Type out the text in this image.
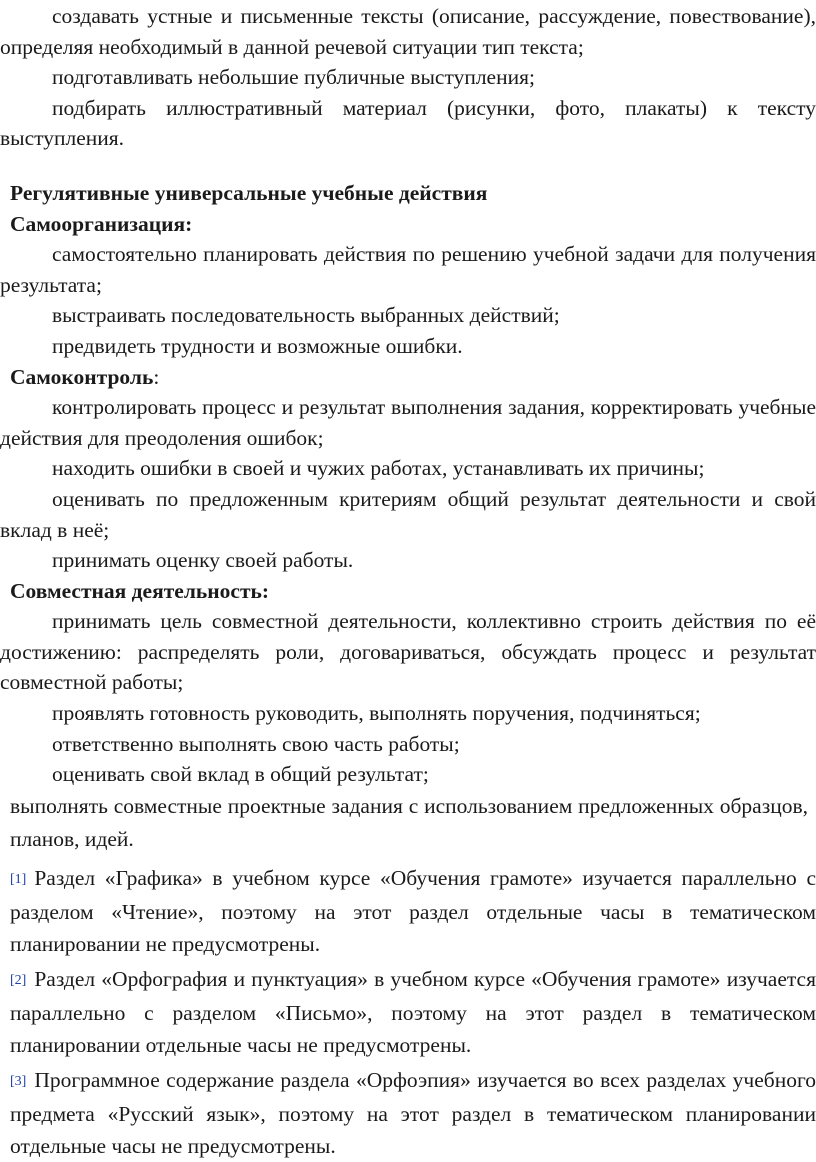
создавать устные и письменные тексты (описание, рассуждение, повествование), определяя необходимый в данной речевой ситуации тип текста;

подготавливать небольшие публичные выступления;

подбирать иллюстративный материал (рисунки, фото, плакаты) к тексту выступления.

Регулятивные универсальные учебные действия

Самоорганизация:

самостоятельно планировать действия по решению учебной задачи для получения результата;

выстраивать последовательность выбранных действий;

предвидеть трудности и возможные ошибки.

Самоконтроль:

контролировать процесс и результат выполнения задания, корректировать учебные действия для преодоления ошибок;

находить ошибки в своей и чужих работах, устанавливать их причины;

оценивать по предложенным критериям общий результат деятельности и свой вклад в неё;

принимать оценку своей работы.

Совместная деятельность:

принимать цель совместной деятельности, коллективно строить действия по её достижению: распределять роли, договариваться, обсуждать процесс и результат совместной работы;

проявлять готовность руководить, выполнять поручения, подчиняться;

ответственно выполнять свою часть работы;

оценивать свой вклад в общий результат;

выполнять совместные проектные задания с использованием предложенных образцов, планов, идей.

[1] Раздел «Графика» в учебном курсе «Обучения грамоте» изучается параллельно с разделом «Чтение», поэтому на этот раздел отдельные часы в тематическом планировании не предусмотрены.

[2] Раздел «Орфография и пунктуация» в учебном курсе «Обучения грамоте» изучается параллельно с разделом «Письмо», поэтому на этот раздел в тематическом планировании отдельные часы не предусмотрены.

[3] Программное содержание раздела «Орфоэпия» изучается во всех разделах учебного предмета «Русский язык», поэтому на этот раздел в тематическом планировании отдельные часы не предусмотрены.
